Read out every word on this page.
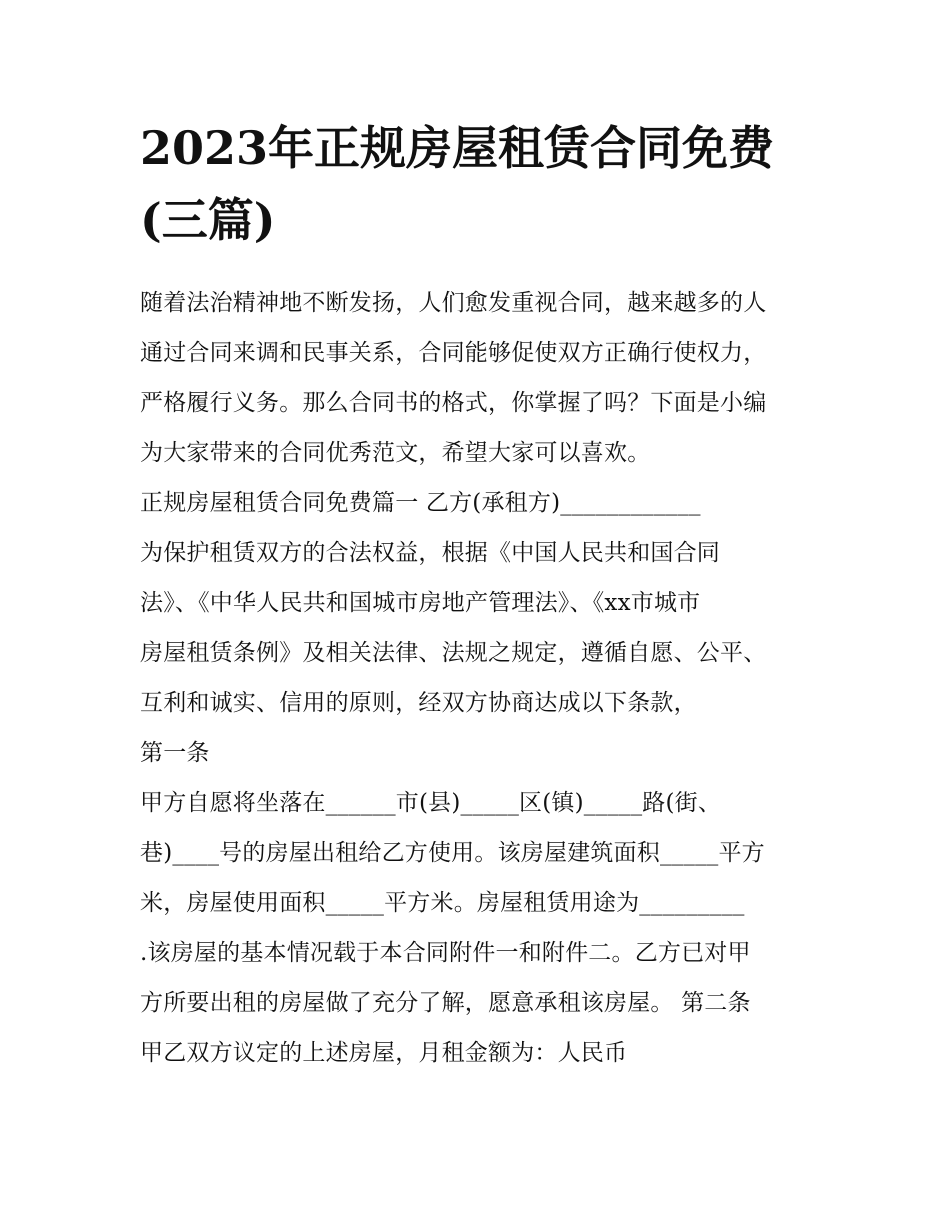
2023年正规房屋租赁合同免费
(三篇)
随着法治精神地不断发扬，人们愈发重视合同，越来越多的人
通过合同来调和民事关系，合同能够促使双方正确行使权力，
严格履行义务。那么合同书的格式，你掌握了吗？下面是小编
为大家带来的合同优秀范文，希望大家可以喜欢。
正规房屋租赁合同免费篇一 乙方(承租方)____________
为保护租赁双方的合法权益，根据《中国人民共和国合同
法》、《中华人民共和国城市房地产管理法》、《xx市城市
房屋租赁条例》及相关法律、法规之规定，遵循自愿、公平、
互利和诚实、信用的原则，经双方协商达成以下条款，
第一条
甲方自愿将坐落在______市(县)_____区(镇)_____路(街、
巷)____号的房屋出租给乙方使用。该房屋建筑面积_____平方
米，房屋使用面积_____平方米。房屋租赁用途为_________
.该房屋的基本情况载于本合同附件一和附件二。乙方已对甲
方所要出租的房屋做了充分了解，愿意承租该房屋。 第二条
甲乙双方议定的上述房屋，月租金额为：人民币
